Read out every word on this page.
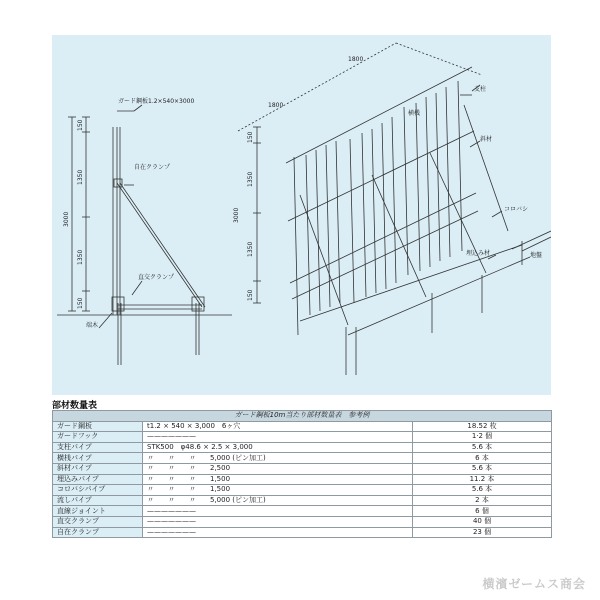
ガード鋼板1.2×540×3000
自在クランプ
直交クランプ
端木
150
1350
3000
1350
150
1800
1800
支柱
横桟
斜材
コロバシ
埋込み材	地盤
150
1350
3000
1350
150
部材数量表
ガード鋼板10m当たり部材数量表　参考例		
ガード鋼板	t1.2 × 540 × 3,000　6ヶ穴	18.52 枚
ガードフック	———————	1·2 個
支柱パイプ	STK500　φ48.6 × 2.5 × 3,000	5.6 本
横桟パイプ	〃　　〃　　〃　　5,000 (ピン加工)	6 本
斜材パイプ	〃　　〃　　〃　　2,500	5.6 本
埋込みパイプ	〃　　〃　　〃　　1,500	11.2 本
コロバシパイプ	〃　　〃　　〃　　1,500	5.6 本
流しパイプ	〃　　〃　　〃　　5,000 (ピン加工)	2 本
直線ジョイント	———————	6 個
直交クランプ	———————	40 個
自在クランプ	———————	23 個
横濱ゼームス商会
